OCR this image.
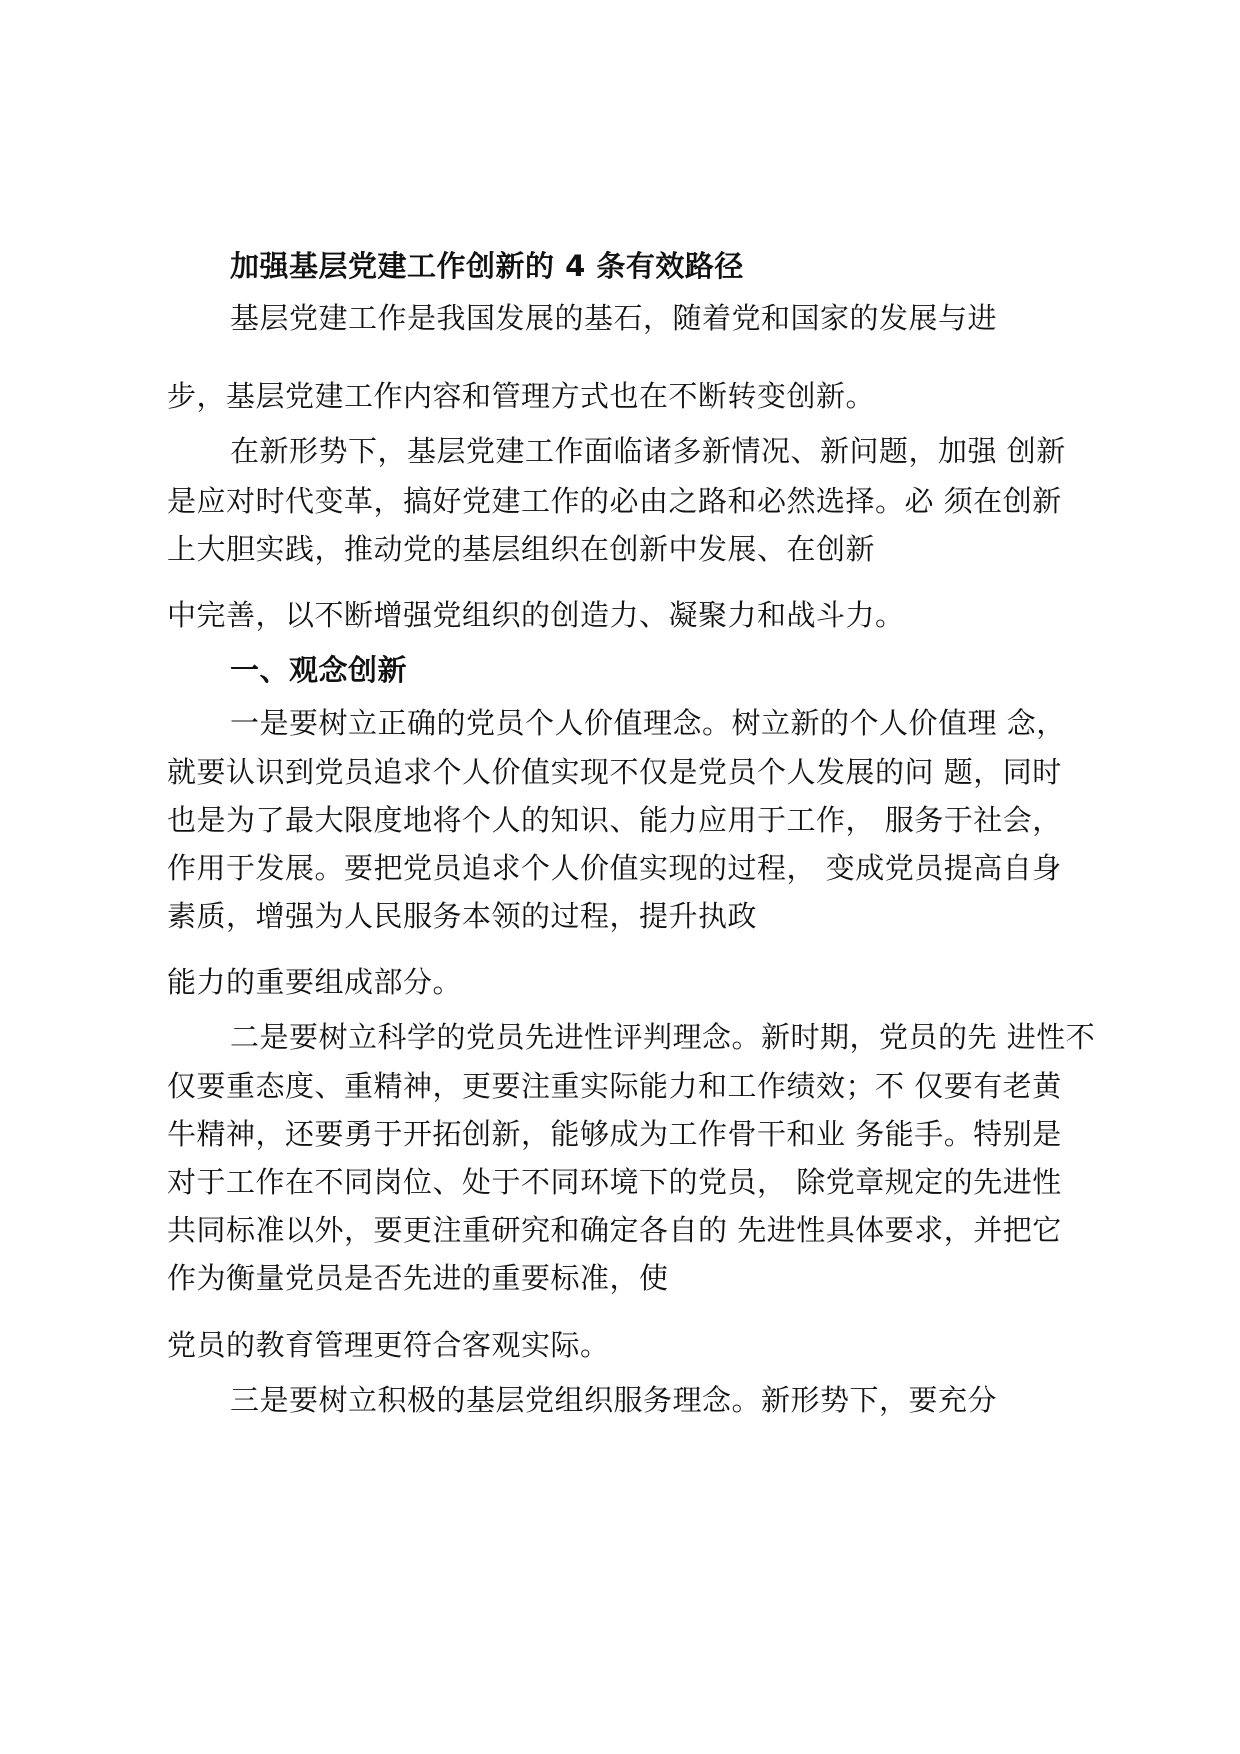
加强基层党建工作创新的 4 条有效路径
基层党建工作是我国发展的基石，随着党和国家的发展与进
步，基层党建工作内容和管理方式也在不断转变创新。
在新形势下，基层党建工作面临诸多新情况、新问题，加强 创新
是应对时代变革，搞好党建工作的必由之路和必然选择。必 须在创新
上大胆实践，推动党的基层组织在创新中发展、在创新
中完善，以不断增强党组织的创造力、凝聚力和战斗力。
一、观念创新
一是要树立正确的党员个人价值理念。树立新的个人价值理 念，
就要认识到党员追求个人价值实现不仅是党员个人发展的问 题，同时
也是为了最大限度地将个人的知识、能力应用于工作， 服务于社会，
作用于发展。要把党员追求个人价值实现的过程， 变成党员提高自身
素质，增强为人民服务本领的过程，提升执政
能力的重要组成部分。
二是要树立科学的党员先进性评判理念。新时期，党员的先 进性不
仅要重态度、重精神，更要注重实际能力和工作绩效；不 仅要有老黄
牛精神，还要勇于开拓创新，能够成为工作骨干和业 务能手。特别是
对于工作在不同岗位、处于不同环境下的党员， 除党章规定的先进性
共同标准以外，要更注重研究和确定各自的 先进性具体要求，并把它
作为衡量党员是否先进的重要标准，使
党员的教育管理更符合客观实际。
三是要树立积极的基层党组织服务理念。新形势下，要充分
